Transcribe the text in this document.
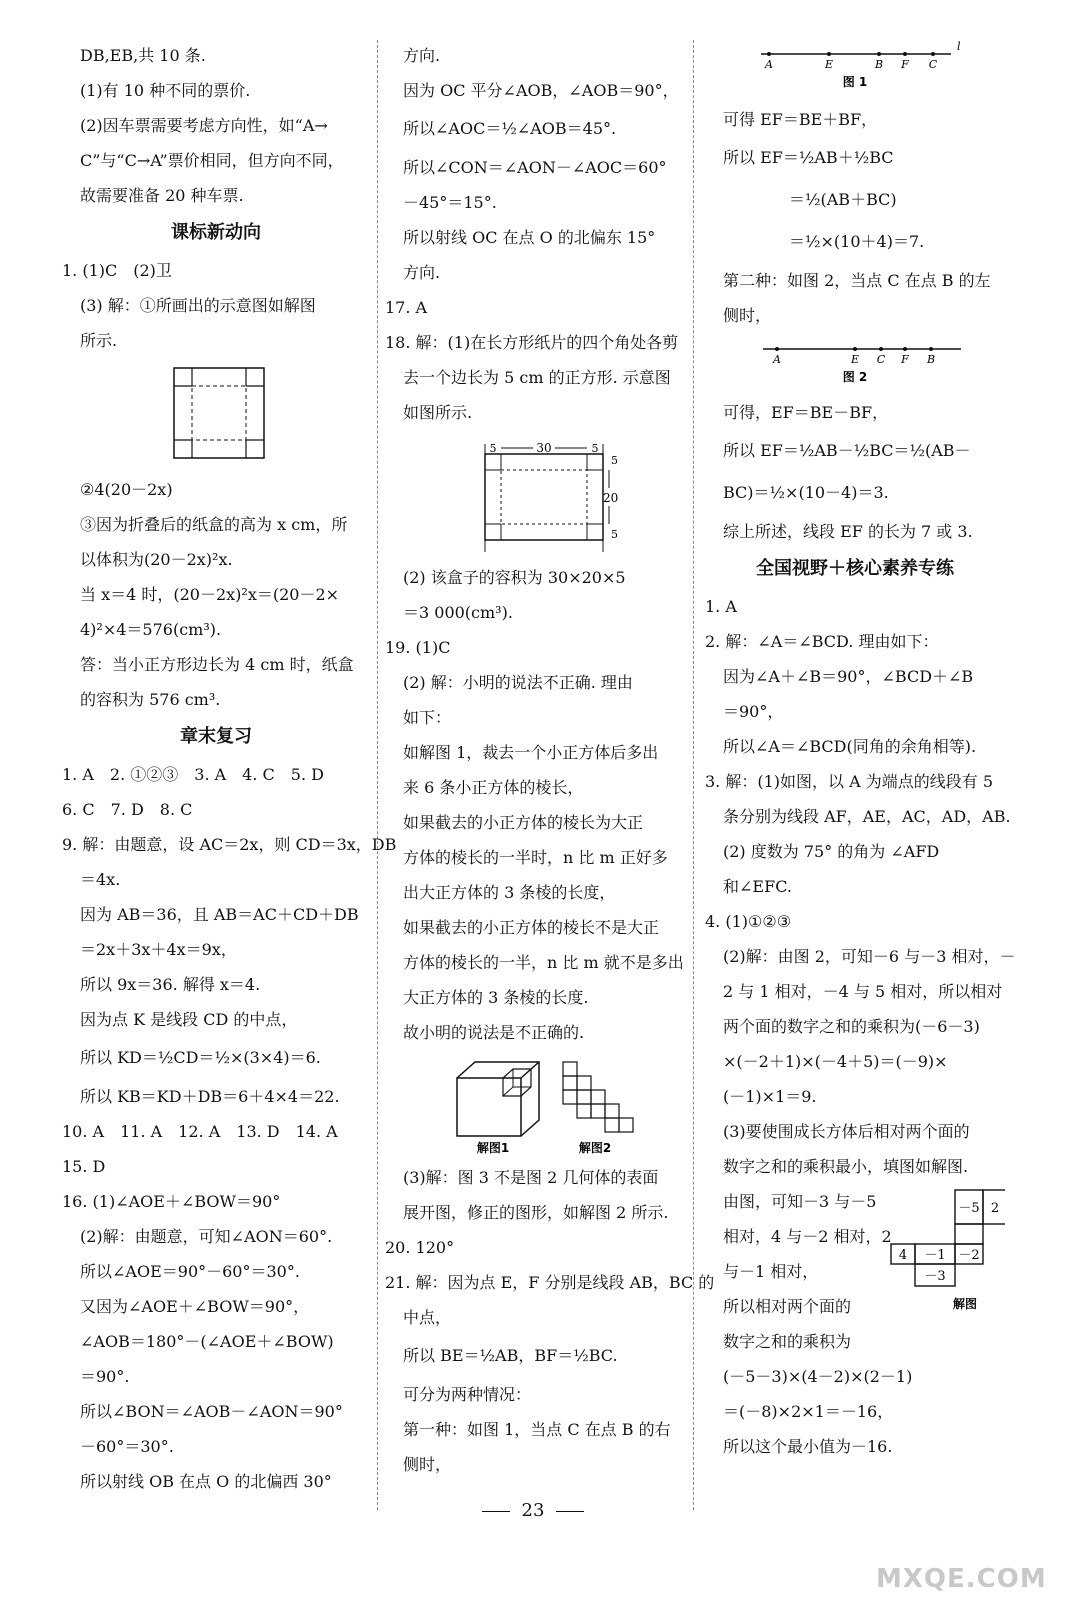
DB,EB,共 10 条.

(1)有 10 种不同的票价.

(2)因车票需要考虑方向性，如“A→

C”与“C→A”票价相同，但方向不同，

故需要准备 20 种车票.

课标新动向

1. (1)C　(2)卫

(3) 解：①所画出的示意图如解图

所示.

②4(20－2x)

③因为折叠后的纸盒的高为 x cm，所

以体积为(20－2x)²x.

当 x＝4 时，(20－2x)²x＝(20－2×

4)²×4＝576(cm³).

答：当小正方形边长为 4 cm 时，纸盒

的容积为 576 cm³.

章末复习

1. A　2. ①②③　3. A　4. C　5. D

6. C　7. D　8. C

9. 解：由题意，设 AC＝2x，则 CD＝3x，DB

＝4x.

因为 AB＝36，且 AB＝AC＋CD＋DB

＝2x＋3x＋4x＝9x，

所以 9x＝36. 解得 x＝4.

因为点 K 是线段 CD 的中点，

所以 KD＝½CD＝½×(3×4)＝6.

所以 KB＝KD＋DB＝6＋4×4＝22.

10. A　11. A　12. A　13. D　14. A

15. D

16. (1)∠AOE＋∠BOW＝90°

(2)解：由题意，可知∠AON＝60°.

所以∠AOE＝90°－60°＝30°.

又因为∠AOE＋∠BOW＝90°，

∠AOB＝180°－(∠AOE＋∠BOW)

＝90°.

所以∠BON＝∠AOB－∠AON＝90°

－60°＝30°.

所以射线 OB 在点 O 的北偏西 30°

方向.

因为 OC 平分∠AOB，∠AOB＝90°，

所以∠AOC＝½∠AOB＝45°.

所以∠CON＝∠AON－∠AOC＝60°

－45°＝15°.

所以射线 OC 在点 O 的北偏东 15°

方向.

17. A

18. 解：(1)在长方形纸片的四个角处各剪

去一个边长为 5 cm 的正方形. 示意图

如图所示.

30
5	5
5
20
5

(2) 该盒子的容积为 30×20×5

＝3 000(cm³).

19. (1)C

(2) 解：小明的说法不正确. 理由

如下：

如解图 1，裁去一个小正方体后多出

来 6 条小正方体的棱长，

如果截去的小正方体的棱长为大正

方体的棱长的一半时，n 比 m 正好多

出大正方体的 3 条棱的长度，

如果截去的小正方体的棱长不是大正

方体的棱长的一半，n 比 m 就不是多出

大正方体的 3 条棱的长度.

故小明的说法是不正确的.

解图1	解图2

(3)解：图 3 不是图 2 几何体的表面

展开图，修正的图形，如解图 2 所示.

20. 120°

21. 解：因为点 E，F 分别是线段 AB，BC 的

中点，

所以 BE＝½AB，BF＝½BC.

可分为两种情况：

第一种：如图 1，当点 C 在点 B 的右

侧时，

A	E	B F C
l
图 1

可得 EF＝BE＋BF，

所以 EF＝½AB＋½BC

＝½(AB＋BC)

＝½×(10＋4)＝7.

第二种：如图 2，当点 C 在点 B 的左

侧时，

A	E C F B
图 2

可得，EF＝BE－BF，

所以 EF＝½AB－½BC＝½(AB－

BC)＝½×(10－4)＝3.

综上所述，线段 EF 的长为 7 或 3.

全国视野＋核心素养专练

1. A

2. 解：∠A＝∠BCD. 理由如下：

因为∠A＋∠B＝90°，∠BCD＋∠B

＝90°，

所以∠A＝∠BCD(同角的余角相等).

3. 解：(1)如图，以 A 为端点的线段有 5

条分别为线段 AF，AE，AC，AD，AB.

(2) 度数为 75° 的角为 ∠AFD

和∠EFC.

4. (1)①②③

(2)解：由图 2，可知－6 与－3 相对，－

2 与 1 相对，－4 与 5 相对，所以相对

两个面的数字之和的乘积为(－6－3)

×(－2＋1)×(－4＋5)＝(－9)×

(－1)×1＝9.

(3)要使围成长方体后相对两个面的

数字之和的乘积最小，填图如解图.

由图，可知－3 与－5

相对，4 与－2 相对，2

与－1 相对，

所以相对两个面的

－5 2
4 －1 －2
－3
解图

数字之和的乘积为

(－5－3)×(4－2)×(2－1)

＝(－8)×2×1＝－16，

所以这个最小值为－16.

23
MXQE.COM
